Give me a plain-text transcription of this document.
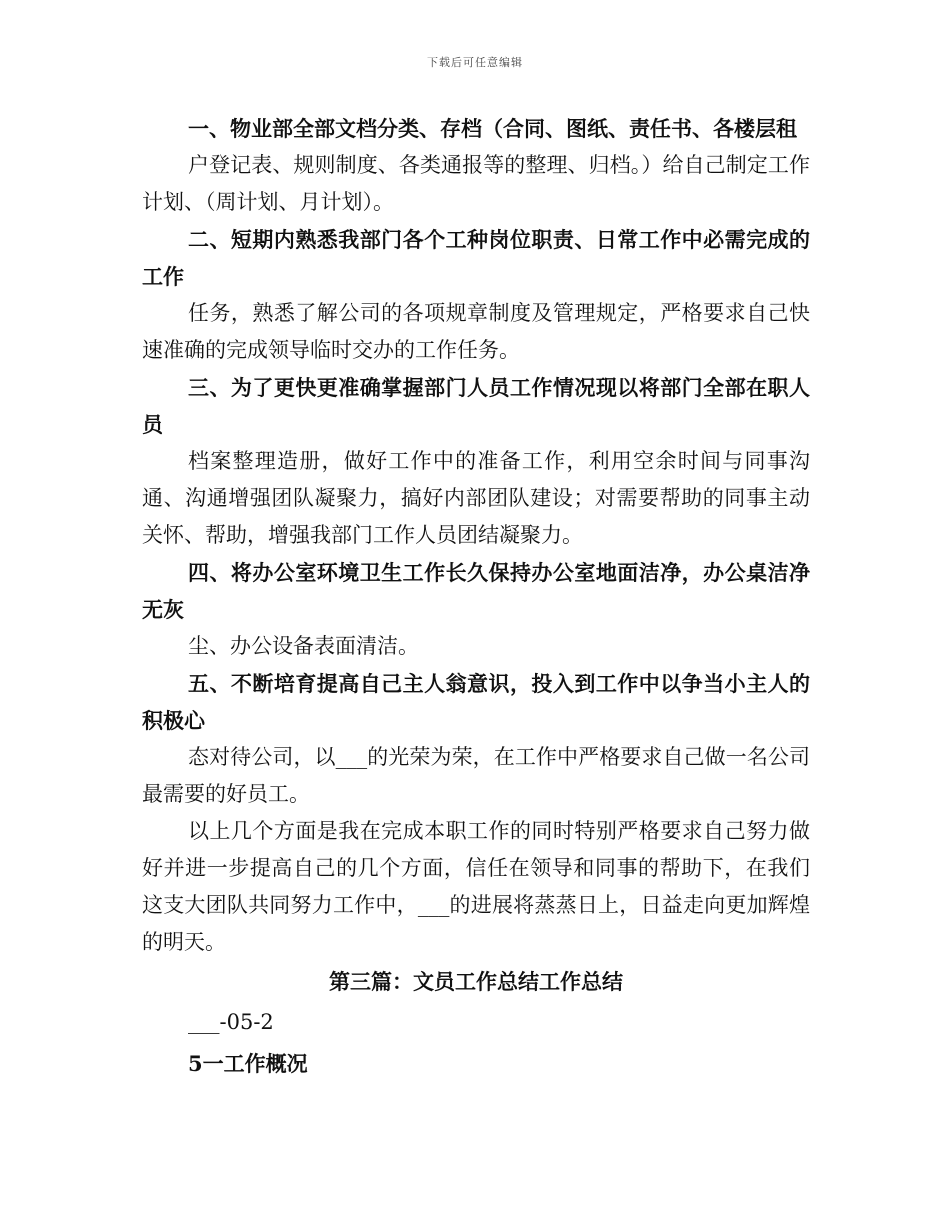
下载后可任意编辑

一、物业部全部文档分类、存档（合同、图纸、责任书、各楼层租

户登记表、规则制度、各类通报等的整理、归档。）给自己制定工作计划、（周计划、月计划）。

二、短期内熟悉我部门各个工种岗位职责、日常工作中必需完成的工作

任务，熟悉了解公司的各项规章制度及管理规定，严格要求自己快速准确的完成领导临时交办的工作任务。

三、为了更快更准确掌握部门人员工作情况现以将部门全部在职人员

档案整理造册，做好工作中的准备工作，利用空余时间与同事沟通、沟通增强团队凝聚力，搞好内部团队建设；对需要帮助的同事主动关怀、帮助，增强我部门工作人员团结凝聚力。

四、将办公室环境卫生工作长久保持办公室地面洁净，办公桌洁净无灰

尘、办公设备表面清洁。

五、不断培育提高自己主人翁意识，投入到工作中以争当小主人的积极心

态对待公司，以___的光荣为荣，在工作中严格要求自己做一名公司最需要的好员工。

以上几个方面是我在完成本职工作的同时特别严格要求自己努力做好并进一步提高自己的几个方面，信任在领导和同事的帮助下，在我们这支大团队共同努力工作中，___的进展将蒸蒸日上，日益走向更加辉煌的明天。

第三篇：文员工作总结工作总结

___-05-2

5一工作概况
